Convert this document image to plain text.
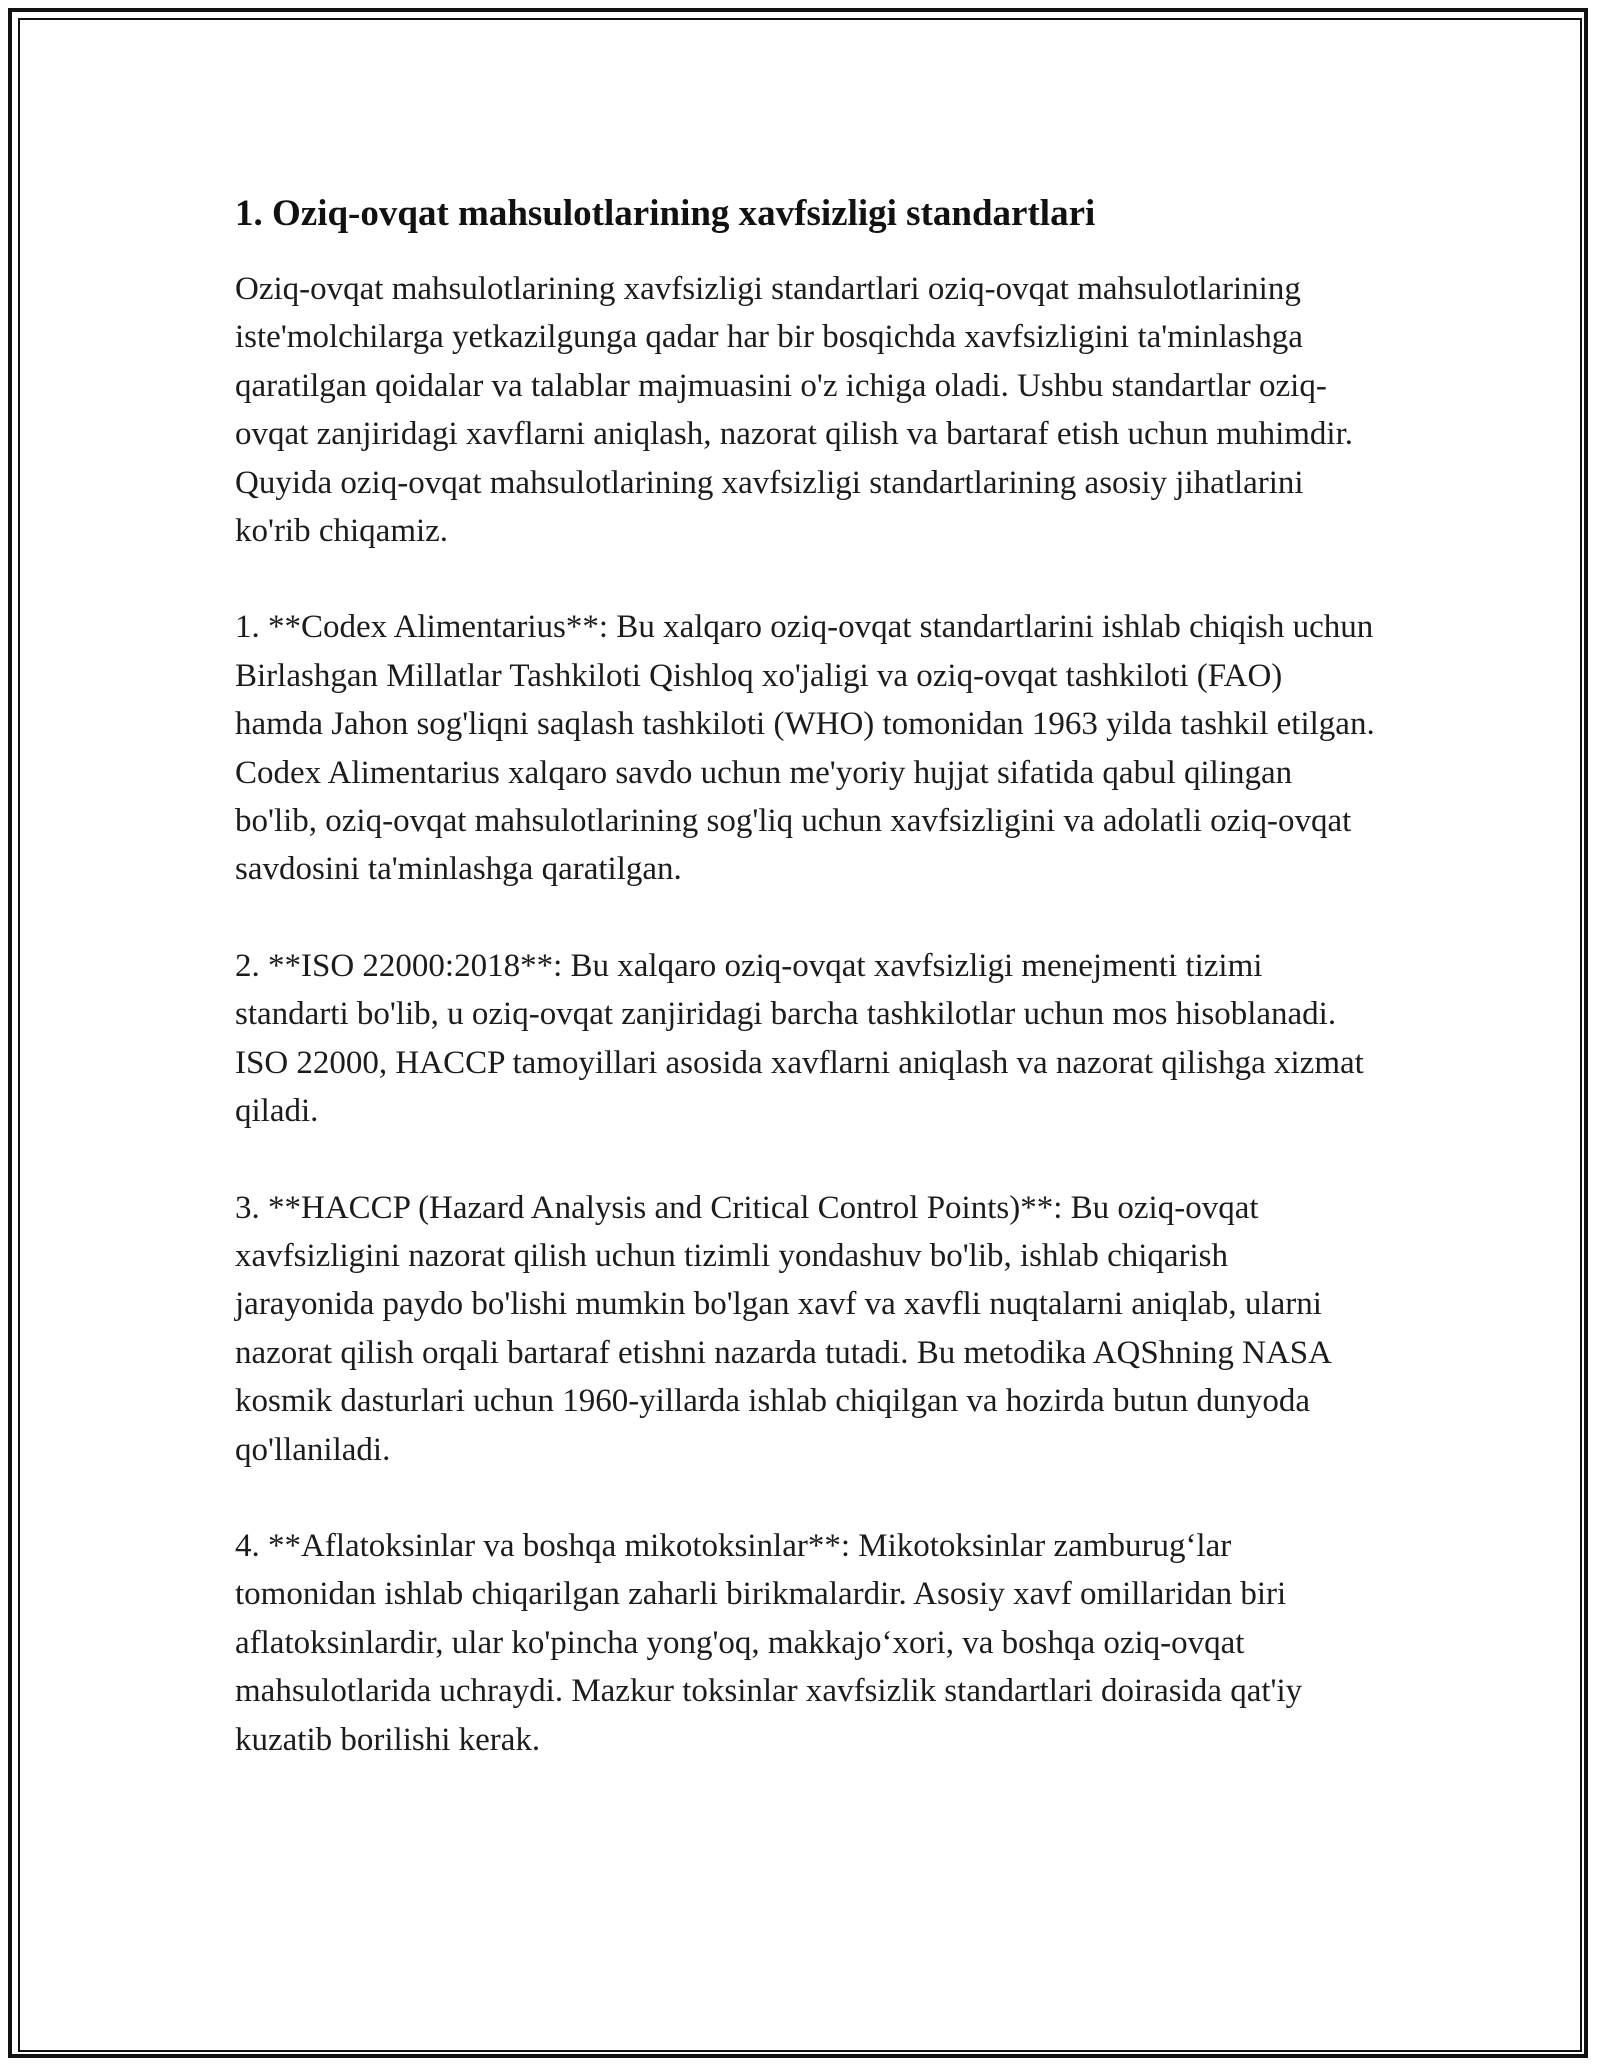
1. Oziq-ovqat mahsulotlarining xavfsizligi standartlari

Oziq-ovqat mahsulotlarining xavfsizligi standartlari oziq-ovqat mahsulotlarining iste'molchilarga yetkazilgunga qadar har bir bosqichda xavfsizligini ta'minlashga qaratilgan qoidalar va talablar majmuasini o'z ichiga oladi. Ushbu standartlar oziq-ovqat zanjiridagi xavflarni aniqlash, nazorat qilish va bartaraf etish uchun muhimdir. Quyida oziq-ovqat mahsulotlarining xavfsizligi standartlarining asosiy jihatlarini ko'rib chiqamiz.

1. **Codex Alimentarius**: Bu xalqaro oziq-ovqat standartlarini ishlab chiqish uchun Birlashgan Millatlar Tashkiloti Qishloq xo'jaligi va oziq-ovqat tashkiloti (FAO) hamda Jahon sog'liqni saqlash tashkiloti (WHO) tomonidan 1963 yilda tashkil etilgan. Codex Alimentarius xalqaro savdo uchun me'yoriy hujjat sifatida qabul qilingan bo'lib, oziq-ovqat mahsulotlarining sog'liq uchun xavfsizligini va adolatli oziq-ovqat savdosini ta'minlashga qaratilgan.

2. **ISO 22000:2018**: Bu xalqaro oziq-ovqat xavfsizligi menejmenti tizimi standarti bo'lib, u oziq-ovqat zanjiridagi barcha tashkilotlar uchun mos hisoblanadi. ISO 22000, HACCP tamoyillari asosida xavflarni aniqlash va nazorat qilishga xizmat qiladi.

3. **HACCP (Hazard Analysis and Critical Control Points)**: Bu oziq-ovqat xavfsizligini nazorat qilish uchun tizimli yondashuv bo'lib, ishlab chiqarish jarayonida paydo bo'lishi mumkin bo'lgan xavf va xavfli nuqtalarni aniqlab, ularni nazorat qilish orqali bartaraf etishni nazarda tutadi. Bu metodika AQShning NASA kosmik dasturlari uchun 1960-yillarda ishlab chiqilgan va hozirda butun dunyoda qo'llaniladi.

4. **Aflatoksinlar va boshqa mikotoksinlar**: Mikotoksinlar zamburug‘lar tomonidan ishlab chiqarilgan zaharli birikmalardir. Asosiy xavf omillaridan biri aflatoksinlardir, ular ko'pincha yong'oq, makkajo‘xori, va boshqa oziq-ovqat mahsulotlarida uchraydi. Mazkur toksinlar xavfsizlik standartlari doirasida qat'iy kuzatib borilishi kerak.
